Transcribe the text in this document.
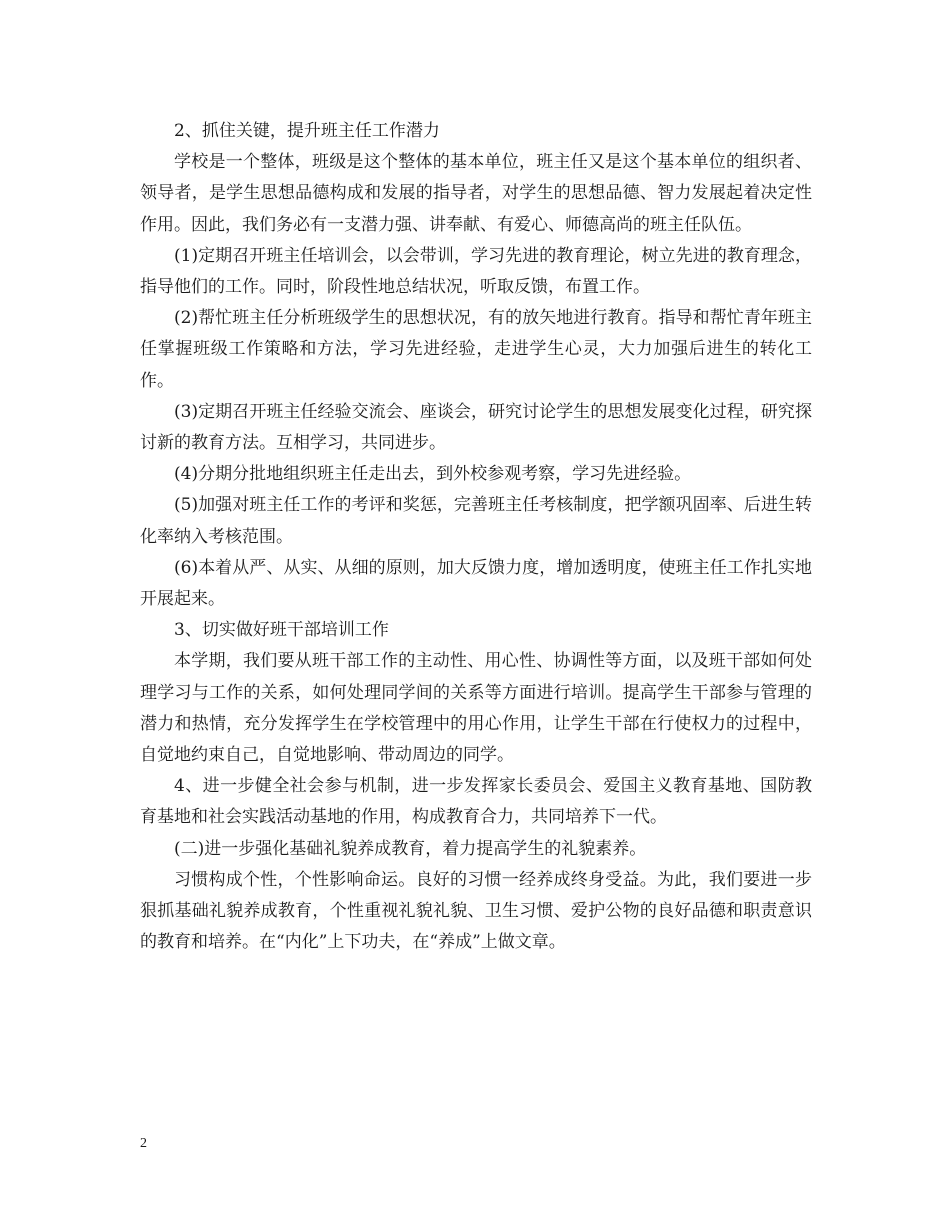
2、抓住关键，提升班主任工作潜力

学校是一个整体，班级是这个整体的基本单位，班主任又是这个基本单位的组织者、领导者，是学生思想品德构成和发展的指导者，对学生的思想品德、智力发展起着决定性作用。因此，我们务必有一支潜力强、讲奉献、有爱心、师德高尚的班主任队伍。

(1)定期召开班主任培训会，以会带训，学习先进的教育理论，树立先进的教育理念，指导他们的工作。同时，阶段性地总结状况，听取反馈，布置工作。

(2)帮忙班主任分析班级学生的思想状况，有的放矢地进行教育。指导和帮忙青年班主任掌握班级工作策略和方法，学习先进经验，走进学生心灵，大力加强后进生的转化工作。

(3)定期召开班主任经验交流会、座谈会，研究讨论学生的思想发展变化过程，研究探讨新的教育方法。互相学习，共同进步。

(4)分期分批地组织班主任走出去，到外校参观考察，学习先进经验。

(5)加强对班主任工作的考评和奖惩，完善班主任考核制度，把学额巩固率、后进生转化率纳入考核范围。

(6)本着从严、从实、从细的原则，加大反馈力度，增加透明度，使班主任工作扎实地开展起来。

3、切实做好班干部培训工作

本学期，我们要从班干部工作的主动性、用心性、协调性等方面，以及班干部如何处理学习与工作的关系，如何处理同学间的关系等方面进行培训。提高学生干部参与管理的潜力和热情，充分发挥学生在学校管理中的用心作用，让学生干部在行使权力的过程中，自觉地约束自己，自觉地影响、带动周边的同学。

4、进一步健全社会参与机制，进一步发挥家长委员会、爱国主义教育基地、国防教育基地和社会实践活动基地的作用，构成教育合力，共同培养下一代。

(二)进一步强化基础礼貌养成教育，着力提高学生的礼貌素养。

习惯构成个性，个性影响命运。良好的习惯一经养成终身受益。为此，我们要进一步狠抓基础礼貌养成教育，个性重视礼貌礼貌、卫生习惯、爱护公物的良好品德和职责意识的教育和培养。在“内化”上下功夫，在“养成”上做文章。

2
